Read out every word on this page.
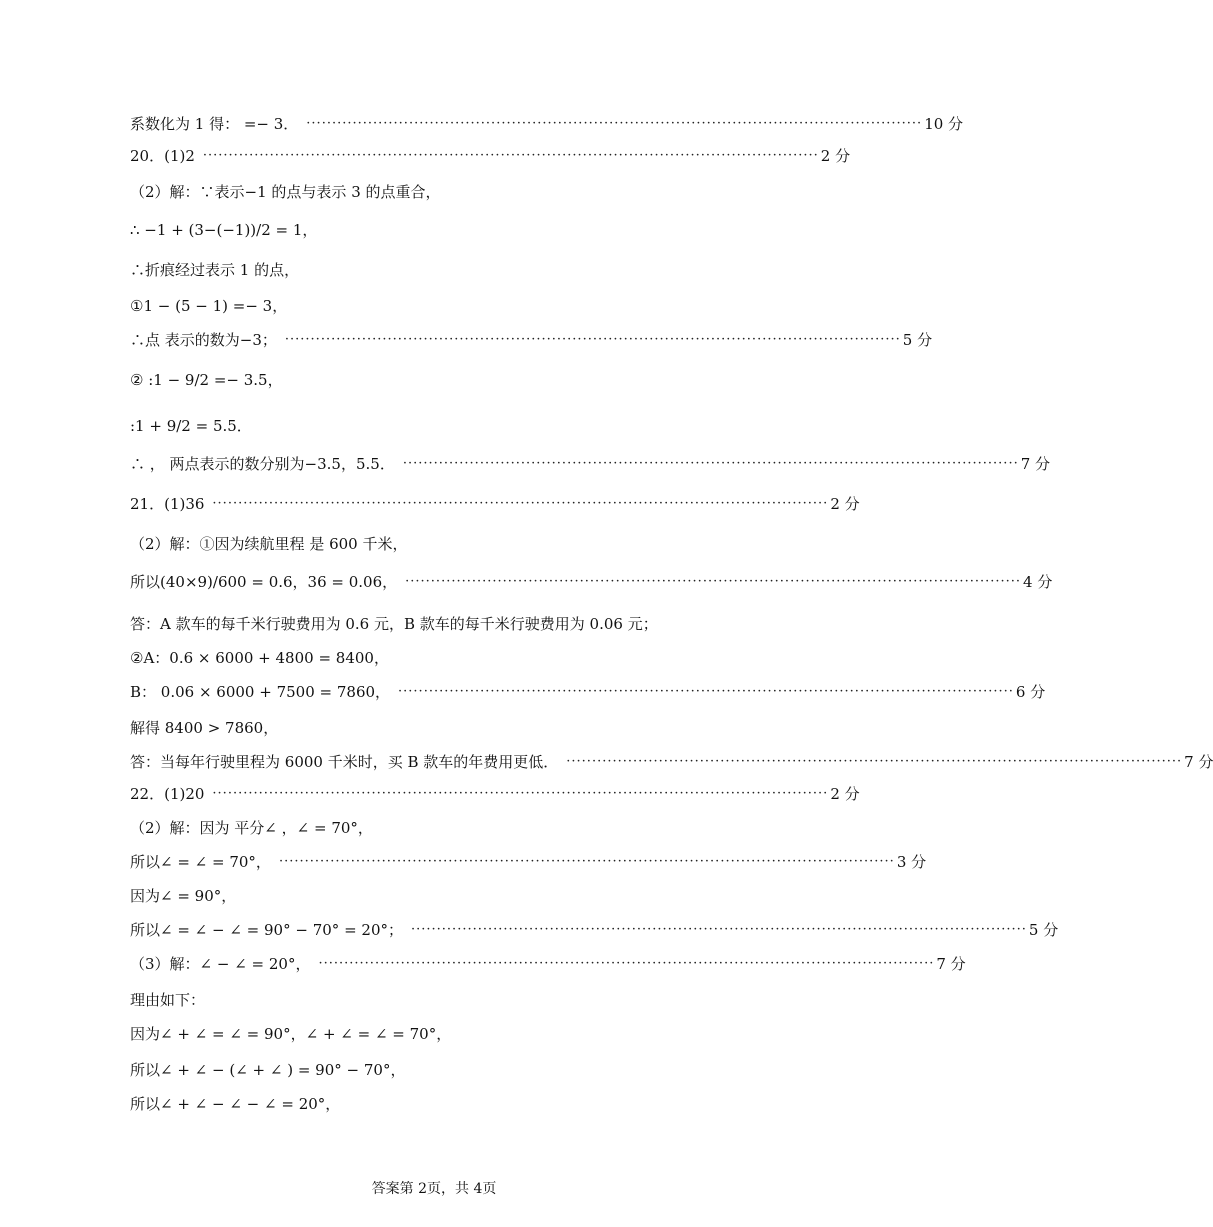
系数化为 1 得： =− 3． ························································································································ 10 分
20．(1)2 ························································································································ 2 分
（2）解：∵表示−1 的点与表示 3 的点重合，
∴ −1 + (3−(−1))/2 = 1，
∴折痕经过表示 1 的点，
①1 − (5 − 1) =− 3，
∴点 表示的数为−3； ························································································································ 5 分
② :1 − 9/2 =− 3.5，
:1 + 9/2 = 5.5．
∴ ， 两点表示的数分别为−3.5，5.5． ························································································································ 7 分
21．(1)36 ························································································································ 2 分
（2）解：①因为续航里程 是 600 千米，
所以(40×9)/600 = 0.6，36 = 0.06， ························································································································ 4 分
答：A 款车的每千米行驶费用为 0.6 元，B 款车的每千米行驶费用为 0.06 元；
②A：0.6 × 6000 + 4800 = 8400，
B： 0.06 × 6000 + 7500 = 7860， ························································································································ 6 分
解得 8400 > 7860，
答：当每年行驶里程为 6000 千米时，买 B 款车的年费用更低． ························································································································ 7 分
22．(1)20 ························································································································ 2 分
（2）解：因为 平分∠ ，∠ = 70°，
所以∠ = ∠ = 70°， ························································································································ 3 分
因为∠ = 90°，
所以∠ = ∠ − ∠ = 90° − 70° = 20°； ························································································································ 5 分
（3）解：∠ − ∠ = 20°， ························································································································ 7 分
理由如下：
因为∠ + ∠ = ∠ = 90°，∠ + ∠ = ∠ = 70°，
所以∠ + ∠ − (∠ + ∠ ) = 90° − 70°，
所以∠ + ∠ − ∠ − ∠ = 20°，
答案第 2页，共 4页
